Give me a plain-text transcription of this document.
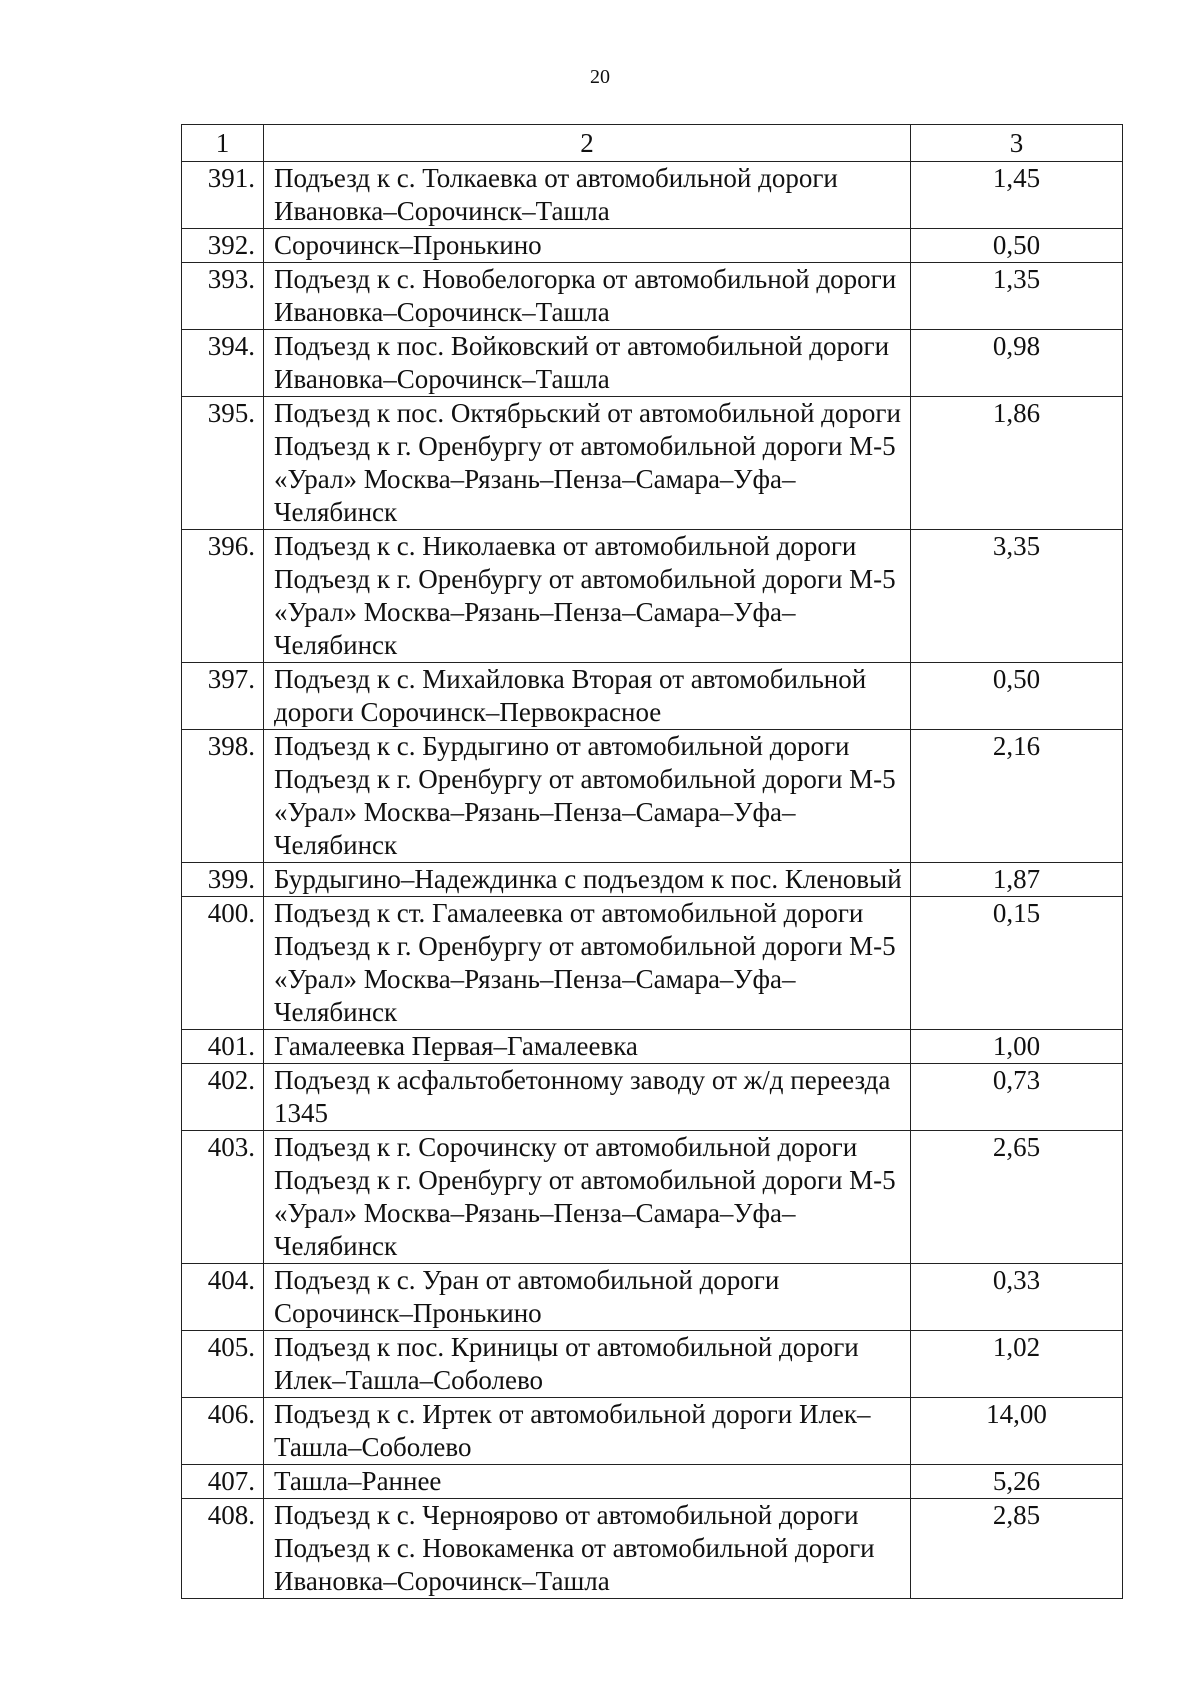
20
1	2	3
391.	Подъезд к с. Толкаевка от автомобильной дороги Ивановка–Сорочинск–Ташла	1,45
392.	Сорочинск–Пронькино	0,50
393.	Подъезд к с. Новобелогорка от автомобильной дороги Ивановка–Сорочинск–Ташла	1,35
394.	Подъезд к пос. Войковский от автомобильной дороги Ивановка–Сорочинск–Ташла	0,98
395.	Подъезд к пос. Октябрьский от автомобильной дороги Подъезд к г. Оренбургу от автомобильной дороги М-5 «Урал» Москва–Рязань–Пенза–Самара–Уфа–Челябинск	1,86
396.	Подъезд к с. Николаевка от автомобильной дороги Подъезд к г. Оренбургу от автомобильной дороги М-5 «Урал» Москва–Рязань–Пенза–Самара–Уфа–Челябинск	3,35
397.	Подъезд к с. Михайловка Вторая от автомобильной дороги Сорочинск–Первокрасное	0,50
398.	Подъезд к с. Бурдыгино от автомобильной дороги Подъезд к г. Оренбургу от автомобильной дороги М-5 «Урал» Москва–Рязань–Пенза–Самара–Уфа–Челябинск	2,16
399.	Бурдыгино–Надеждинка с подъездом к пос. Кленовый	1,87
400.	Подъезд к ст. Гамалеевка от автомобильной дороги Подъезд к г. Оренбургу от автомобильной дороги М-5 «Урал» Москва–Рязань–Пенза–Самара–Уфа–Челябинск	0,15
401.	Гамалеевка Первая–Гамалеевка	1,00
402.	Подъезд к асфальтобетонному заводу от ж/д переезда 1345	0,73
403.	Подъезд к г. Сорочинску от автомобильной дороги Подъезд к г. Оренбургу от автомобильной дороги М-5 «Урал» Москва–Рязань–Пенза–Самара–Уфа–Челябинск	2,65
404.	Подъезд к с. Уран от автомобильной дороги Сорочинск–Пронькино	0,33
405.	Подъезд к пос. Криницы от автомобильной дороги Илек–Ташла–Соболево	1,02
406.	Подъезд к с. Иртек от автомобильной дороги Илек–Ташла–Соболево	14,00
407.	Ташла–Раннее	5,26
408.	Подъезд к с. Черноярово от автомобильной дороги Подъезд к с. Новокаменка от автомобильной дороги Ивановка–Сорочинск–Ташла	2,85
